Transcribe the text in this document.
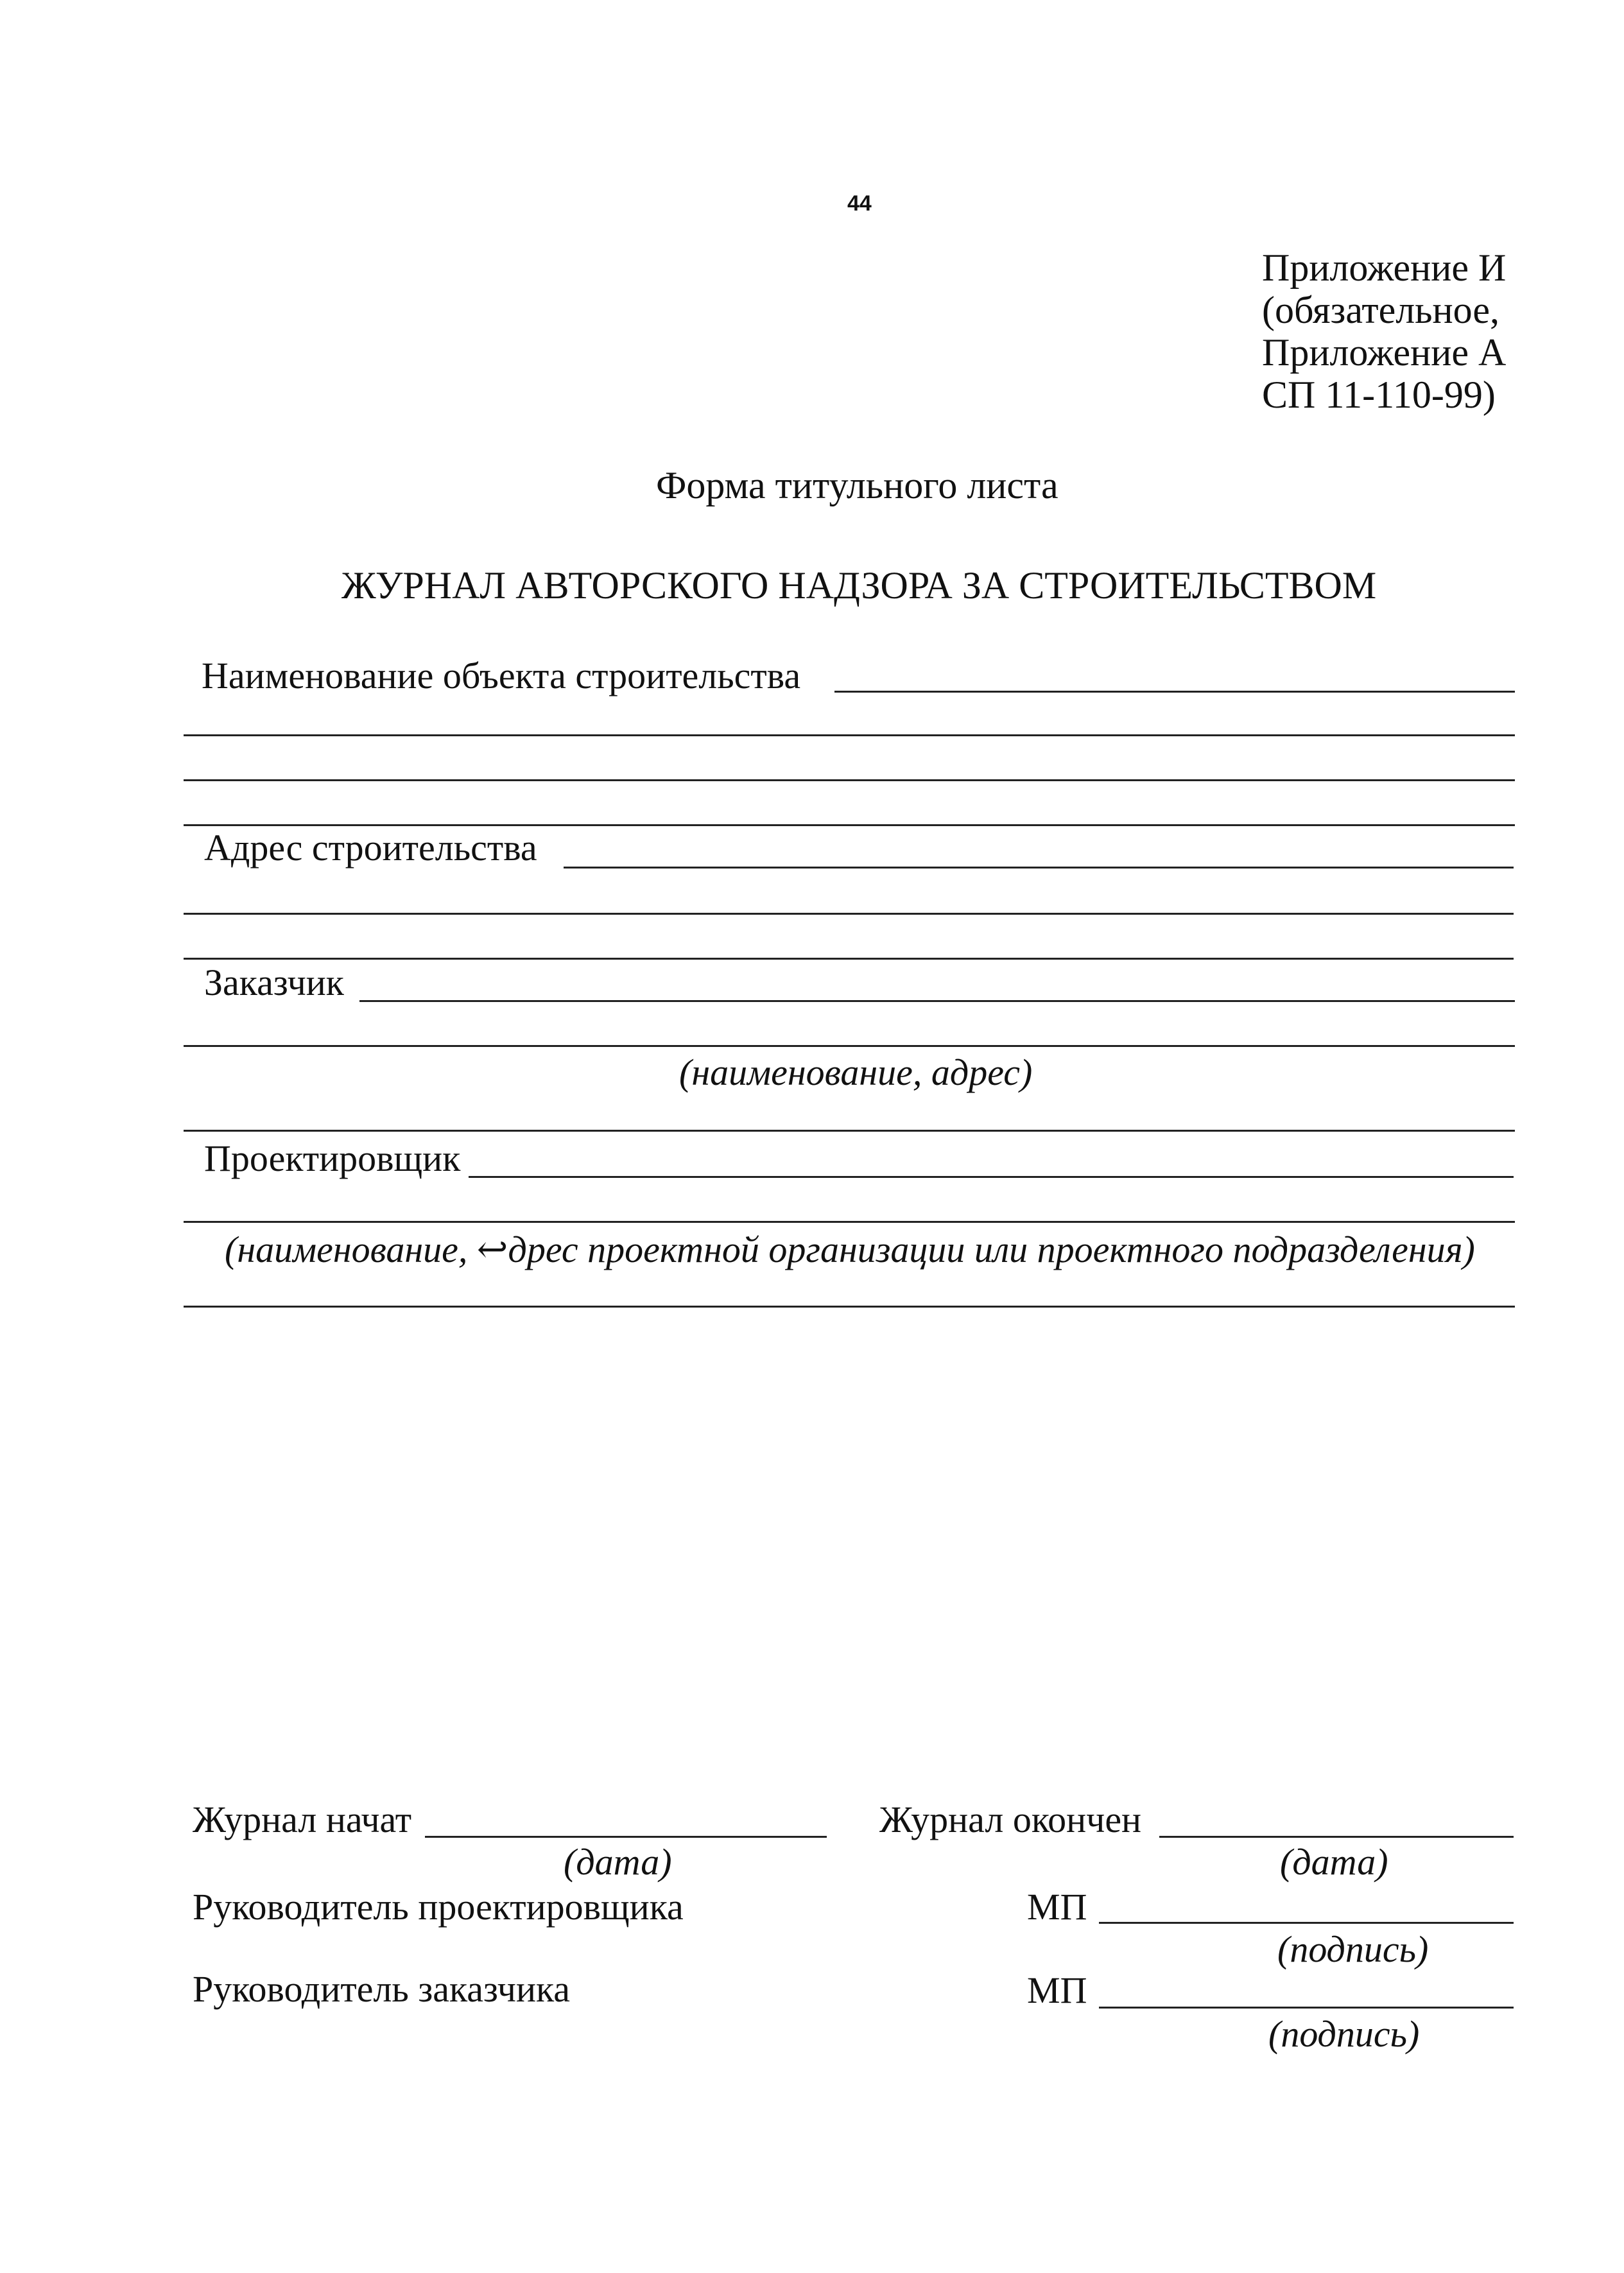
44
Приложение И
(обязательное,
Приложение А
СП 11-110-99)
Форма титульного листа
ЖУРНАЛ АВТОРСКОГО НАДЗОРА ЗА СТРОИТЕЛЬСТВОМ
Наименование объекта строительства
Адрес строительства
Заказчик
(наименование, адрес)
Проектировщик
(наименование, ↩дрес проектной организации или проектного подразделения)
Журнал начат
(дата)
Журнал окончен
(дата)
Руководитель проектировщика	МП
(подпись)
Руководитель заказчика	МП
(подпись)
